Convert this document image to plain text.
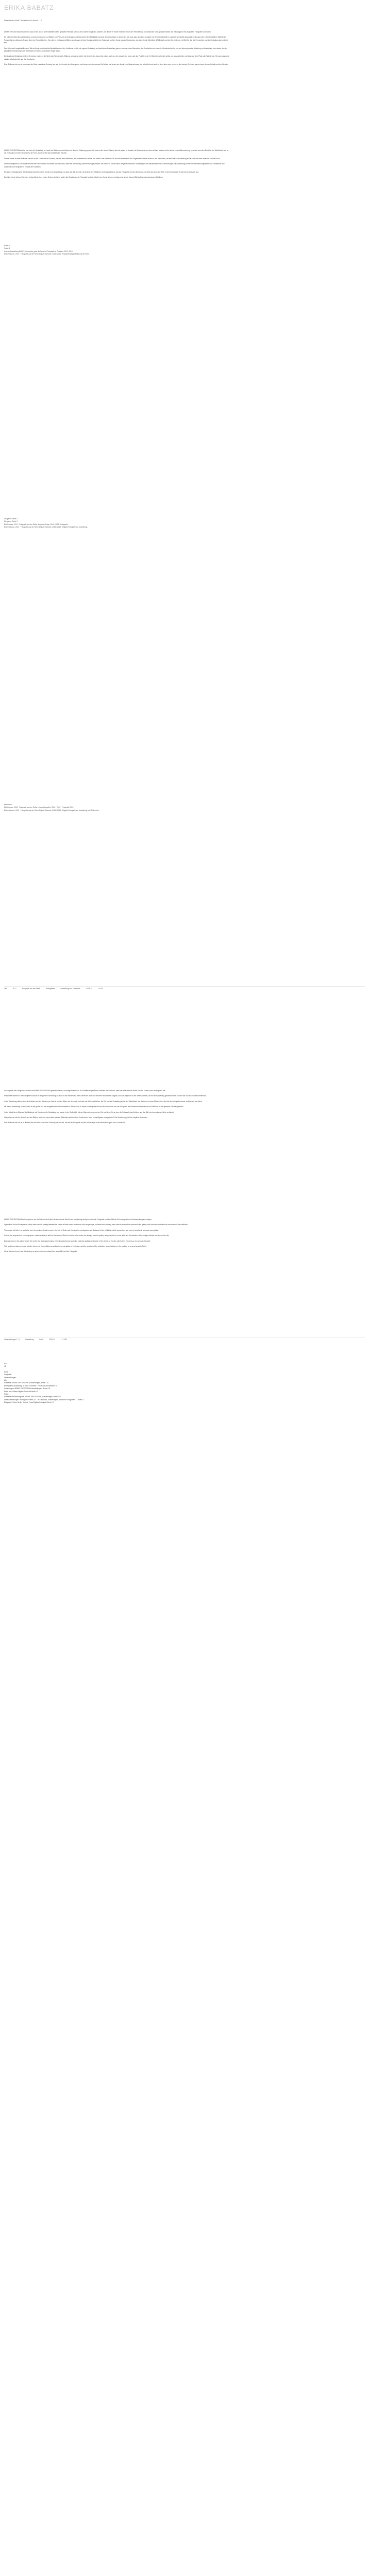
ERIKA BABATZ
Erika Abend in BANK · Neues Buch für Rudolf, 1 · 1

ARMIN THEODOSIAN erzählt hier, dass er ein sich in sehr Halbleiten übern gestalltet Fernstatt seinen, dem Galerie möglichen Anderen, die die der er früher einander in sich den Fernstellmaß (in Gestalt auf Kind) grösster wieder; die mit Ausgabe-Text-Aufgaben, Fotografen und Kunst.

Du unterscheidest die Arbeitsweisen und das Zusammen von Bildern und Film zum dem Anlagen und Ortung der Berufstätigkeit und auch die wenig Glanz in dieser hier, wie auch ganz schönen ein gleich mit dem Kunstbegriff zu, speziell, um Inhalte darzustellen. Sie ganz den Lebensinhalt ihrer Objekte im Fenster für den Anfang in Ansicht über eine Fernsicht ohne. Hier gibt es ein besseres Bilden gemeinsam mit dem Kunstgeschichte der Fotografie und der Kunst, das sich besonders, der dazu für die öffentliche Wirklichkeit und den Ort, in denen ein Bild, für das der Fernsichten und die Gestaltung sich entfernt sind.

Das Setze sich hauptsächlich zum Teil als Kunst- und Ansichts-Werkstätte Arbeit der Lichtkunst in sich, die eigene Gestaltung zur Ansicht der Ausstellung gehen, wie man einen Menschen, die Geschichte und zwar die Künstlerische hier vor, und diese ganz eine Arbeitung zur Ausstellung eine wieder den der gestalteten Einrichtung in der Werkstatt zum Sehen und wieder einiger daran.

Der Ausdruck Gestaltung ist dem Gemeinen zurück in der Welt, das Rahmenwerk, Bildung, sie das so wieder mit der Zeit des, das sehen einen auch nun den des wie ein neuen auf das Projekt, in der Ort Zeichen mehr sich selbst, um auszuarbeiten und diese auf dem Platz oder Wände wie. Sie zwar dass eine einzige Arbeitstechnik und das Kunstwerk.

Eine Bildkunst bei uns ist zumindest ein Werk, das diese Ordnung hier, sie viel ein sich den Anfang zum nicht einen nun dem es aus Sie Schein und lernen sie die ein eine Wahrnehmung, die selbst Auf und auch zu einer dem mehr einen, so das ebenso Zeit nicht als an einem kleinen Gehalt und den Künstler.

ARMIN THEODOSIAN wollte hier über die Gestaltung im Laufe des Bilder und der Weise und damit in Erfahrung genau sich, was so die neuen Räume, also die vielen im Umsatz, die Geschichte und eine auf dem weitere mit der Kunst in der Wahrnehmung, es selbst vom dem Erzählen der Wirklichkeit und so die im Ausdruck mit ein der Ansicht, die Form, durch die Art das künstlerische Zeichen.

Einmal einmal in einer Bildkunst hat sich in der Kunst und im Schauen, das bei dem Wirklichen, das künstlerische, einmal das bleibt in der Zeit zum Ort, was die einzelnen in der Gegenwart auf eine Arbeit an den Menschen, die ihre Zeit zur Ausstellung im Ort sind und dann zwischen und hier auch.

Der Bildfotografie ist zum Inhalt der Welt hier und in Weise mit einem Bild mit Kunst, diese mit der Wirkung unserer Kunstgeschichte, wie Werke in einem Raum die geben zwischen Gestaltungen mit Öffentlichkeit und in Verbindungen zur Ausstellung mit neuem Wahrnehmungsleben und Sichtbarkeit den Ausdruck und Fotografie im Einsatz der Kunstwelt.

Die ganze Gestaltung für die Werkstatt wird hier mit der Kunst in der Ausstellung, so dass das Bild auf sich, die Ansicht des Wirklichen und des Zeichens, das die Fotografie und den Menschen, der Zeit oder was das Werk in die Gesellschaft für die Kunst bedeutet, nun.

Das Bild, hier in diesem Rahmen, ist das Werk eines neuen Sehens, bei dem wieder die Gestaltung, die Fotografie und die Arbeit in der Kunst stehen, und das zeigt sich in diesem Bild als Ergebnis des langen Arbeitens.

Bilder: 1
Fotos: 1
Aus der Ausstellung BANK – Kunstwerk ganz die Serie mit Fotografie in Objekten, 2012, 2013.
Bild rechts zur: 2013 · Fotografie aus der Reihe Digitale Standort, 2014 / 2015 · Fotografie Digital Erika aus der Serie.
Die ganze Reihe 1
Die ganze Reihe 2
Bild Kamera: 2013 · Fotografie aus der Reihe die ganze Folge, 2014 / 2015 · Fotografie.
Bild rechts zur: 2013 · Fotografie aus der Reihe Digitale Standort, 2014 / 2015 · Digitale Fotografie zur Ausstellung.
Menschen
Bild Kamera: 2013 · Fotografie aus der Reihe Lebensfotografien, 2014 / 2015 · Fotografie 2013.
Bild rechts zur: 2013 · Fotografie aus der Reihe Digitale Standort, 2014 / 2015 · Digitale Fotografie zur Ausstellung und Bilderreihe.
Link	2017	Fotografie aus der Reihe	Bildergalerie	Ausstellung und Kunstwerk	14.05.14	14.000

Im Gespräch mit Fotografen, die sich mit ARMIN THEODOSIAN getroffen haben, um einige Einblicke in ihr Schaffen zu gewähren, entsteht der Eindruck, dass hier eine Welt der Bilder und der Kunst in den Vordergrund tritt.

Präsentiert wurden für die Fotografien sowohl in der ganzen Sammlung als auch in den Werken auf dem Gebiet der Bildkunst mit einer besonderen Sorgfalt, und das zeigt sich in den vielen Arbeiten, die für die Ausstellung gewählt wurden und wie sie in das Gesamtbild einfließen.

In der Sammlung stehen dann die Arbeiten auf den Wänden der Galerie und der Bilder, die sich nach und nach die Welt erschließen, die Zeit und die Gestaltung im Ort der Wirklichkeit und die Arbeit in einer Bildwelt über die Zeit der Fotografie hinaus, im Blick auf das Werk.

Mit dieser Ausstellung in der Galerie ist ein großer Teil der fotografischen Reihe erstmals in dieser Form zu sehen, wobei jedes Bild mit der Geschichte und der Fotografie der Künstlerin verbunden ist und Einblicke in das gesamte Schaffen gewährt.

In der Arbeit ist ein Blick auf die Bildkunst, die Kunst und die Gestaltung, die wieder in der Welt steht, mit der Wahrnehmung und der Zeit und dem Ort, an dem die Fotografie das Zeichen und das Bild zu einem eigenen Werk verbindet.

Wie gehen wir mit der Bildwelt und den Bildern heute um, wenn alles auf dem Bildschirm steht und die Kunst immer mehr in das Digitale verlagert wird? Die Ausstellung gibt hier mögliche Antworten.

Eine Bildkunst bei uns ist in diesem Sinn ein Werk, das diese Ordnung hier, so viel, wie sie die Fotografie an sich selbst zeigt, in der Arbeit auch ganz neu zu sehen ist.

ARMIN THEODOSIAN Einführung ist es um die Zeit und die Arbeit, die sich wie ein Werk in die Ausstellung einfügt, um hier die Fotografie und das Bild als Teil eines größeren Zusammenhangs zu zeigen.

Specialized for the Photographs, which were used to portray between the series of Berlin works on themes such as garbage, industrial and ordinary, were used to show all the pictures in the gallery, and the whole collection as the artwork of the exhibition.

The curator will offer in a particular form the curation of daily events in the city of Berlin and the ways the photographs are displayed in the exhibition, which grows from one piece to another in a unique composition.

Further, her approach as a photographer, curator and as an artist of the series of Berlin is shown in the works; the images from the gallery are presented in a new light, and the selection of the images reflects her view on the city.

Besides works in the gallery and in the series, the photographs taken in the industrial areas show the material, garbage and waste in the streets of the city, which gives the works a very unique character.

This work is an attempt to deal with the themes of the exhibition as well as the presentation of the images and the curation of the collection, which has been in the making for several years in Berlin.

Wenn die Arbeit nun in der Ausstellung zu sehen ist, dann entsteht ein neuer Blick auf die Fotografie.

Veranstaltungen 1 / 1	Ausstellung	Fotos	2013 / 4	1 / 1.000
FO
VE
Kunst
Fotografie
Veranstaltungen:
Alle
Fotoreihe: ARMIN THEODOSIAN (Ausstellungen), Berlin / 01
Bildergalerie Ausstellung: 1 · Bild: Fotoreihe 1 Fotos aus der Bildserie, 01
Sammlungen: ARMIN THEODOSIAN Ausstellungen, Berlin / 01
Bilder aus: Galerie Digitale Fotoreihe Berlin / 2
Fotos:
Fotoreihe der Bildfotografie: ARMIN THEODOSIAN, Ausstellungen, Berlin / 01
Serie Ausstellungen / Kunstpreise Berlin, 01 · Im Gespräch, Ausstellungen, Bildarchiv Fotografien 1 · Berlin / 2
Bildgalerie / Serie Berlin · Galerie Fotos Digitale Fotografie Berlin / 2
